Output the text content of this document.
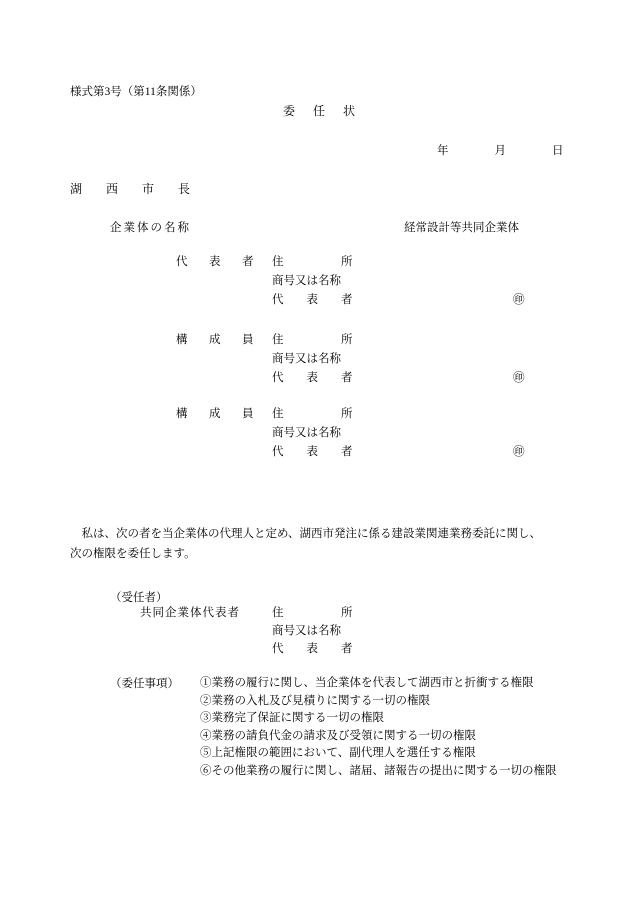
様式第3号（第11条関係）
委　任　状
年　　　　月　　　　日
湖　西　市　長
企業体の名称	経常設計等共同企業体
代　表　者 住　　　　　所
商号又は名称
代　　表　　者	㊞
構　成　員 住　　　　　所
商号又は名称
代　　表　　者	㊞
構　成　員 住　　　　　所
商号又は名称
代　　表　　者	㊞
　私は、次の者を当企業体の代理人と定め、湖西市発注に係る建設業関連業務委託に関し、
次の権限を委任します。
（受任者）
共同企業体代表者	住　　　　　所
商号又は名称
代　　表　　者
（委任事項） ①業務の履行に関し、当企業体を代表して湖西市と折衝する権限
②業務の入札及び見積りに関する一切の権限
③業務完了保証に関する一切の権限
④業務の請負代金の請求及び受領に関する一切の権限
⑤上記権限の範囲において、副代理人を選任する権限
⑥その他業務の履行に関し、諸届、諸報告の提出に関する一切の権限
